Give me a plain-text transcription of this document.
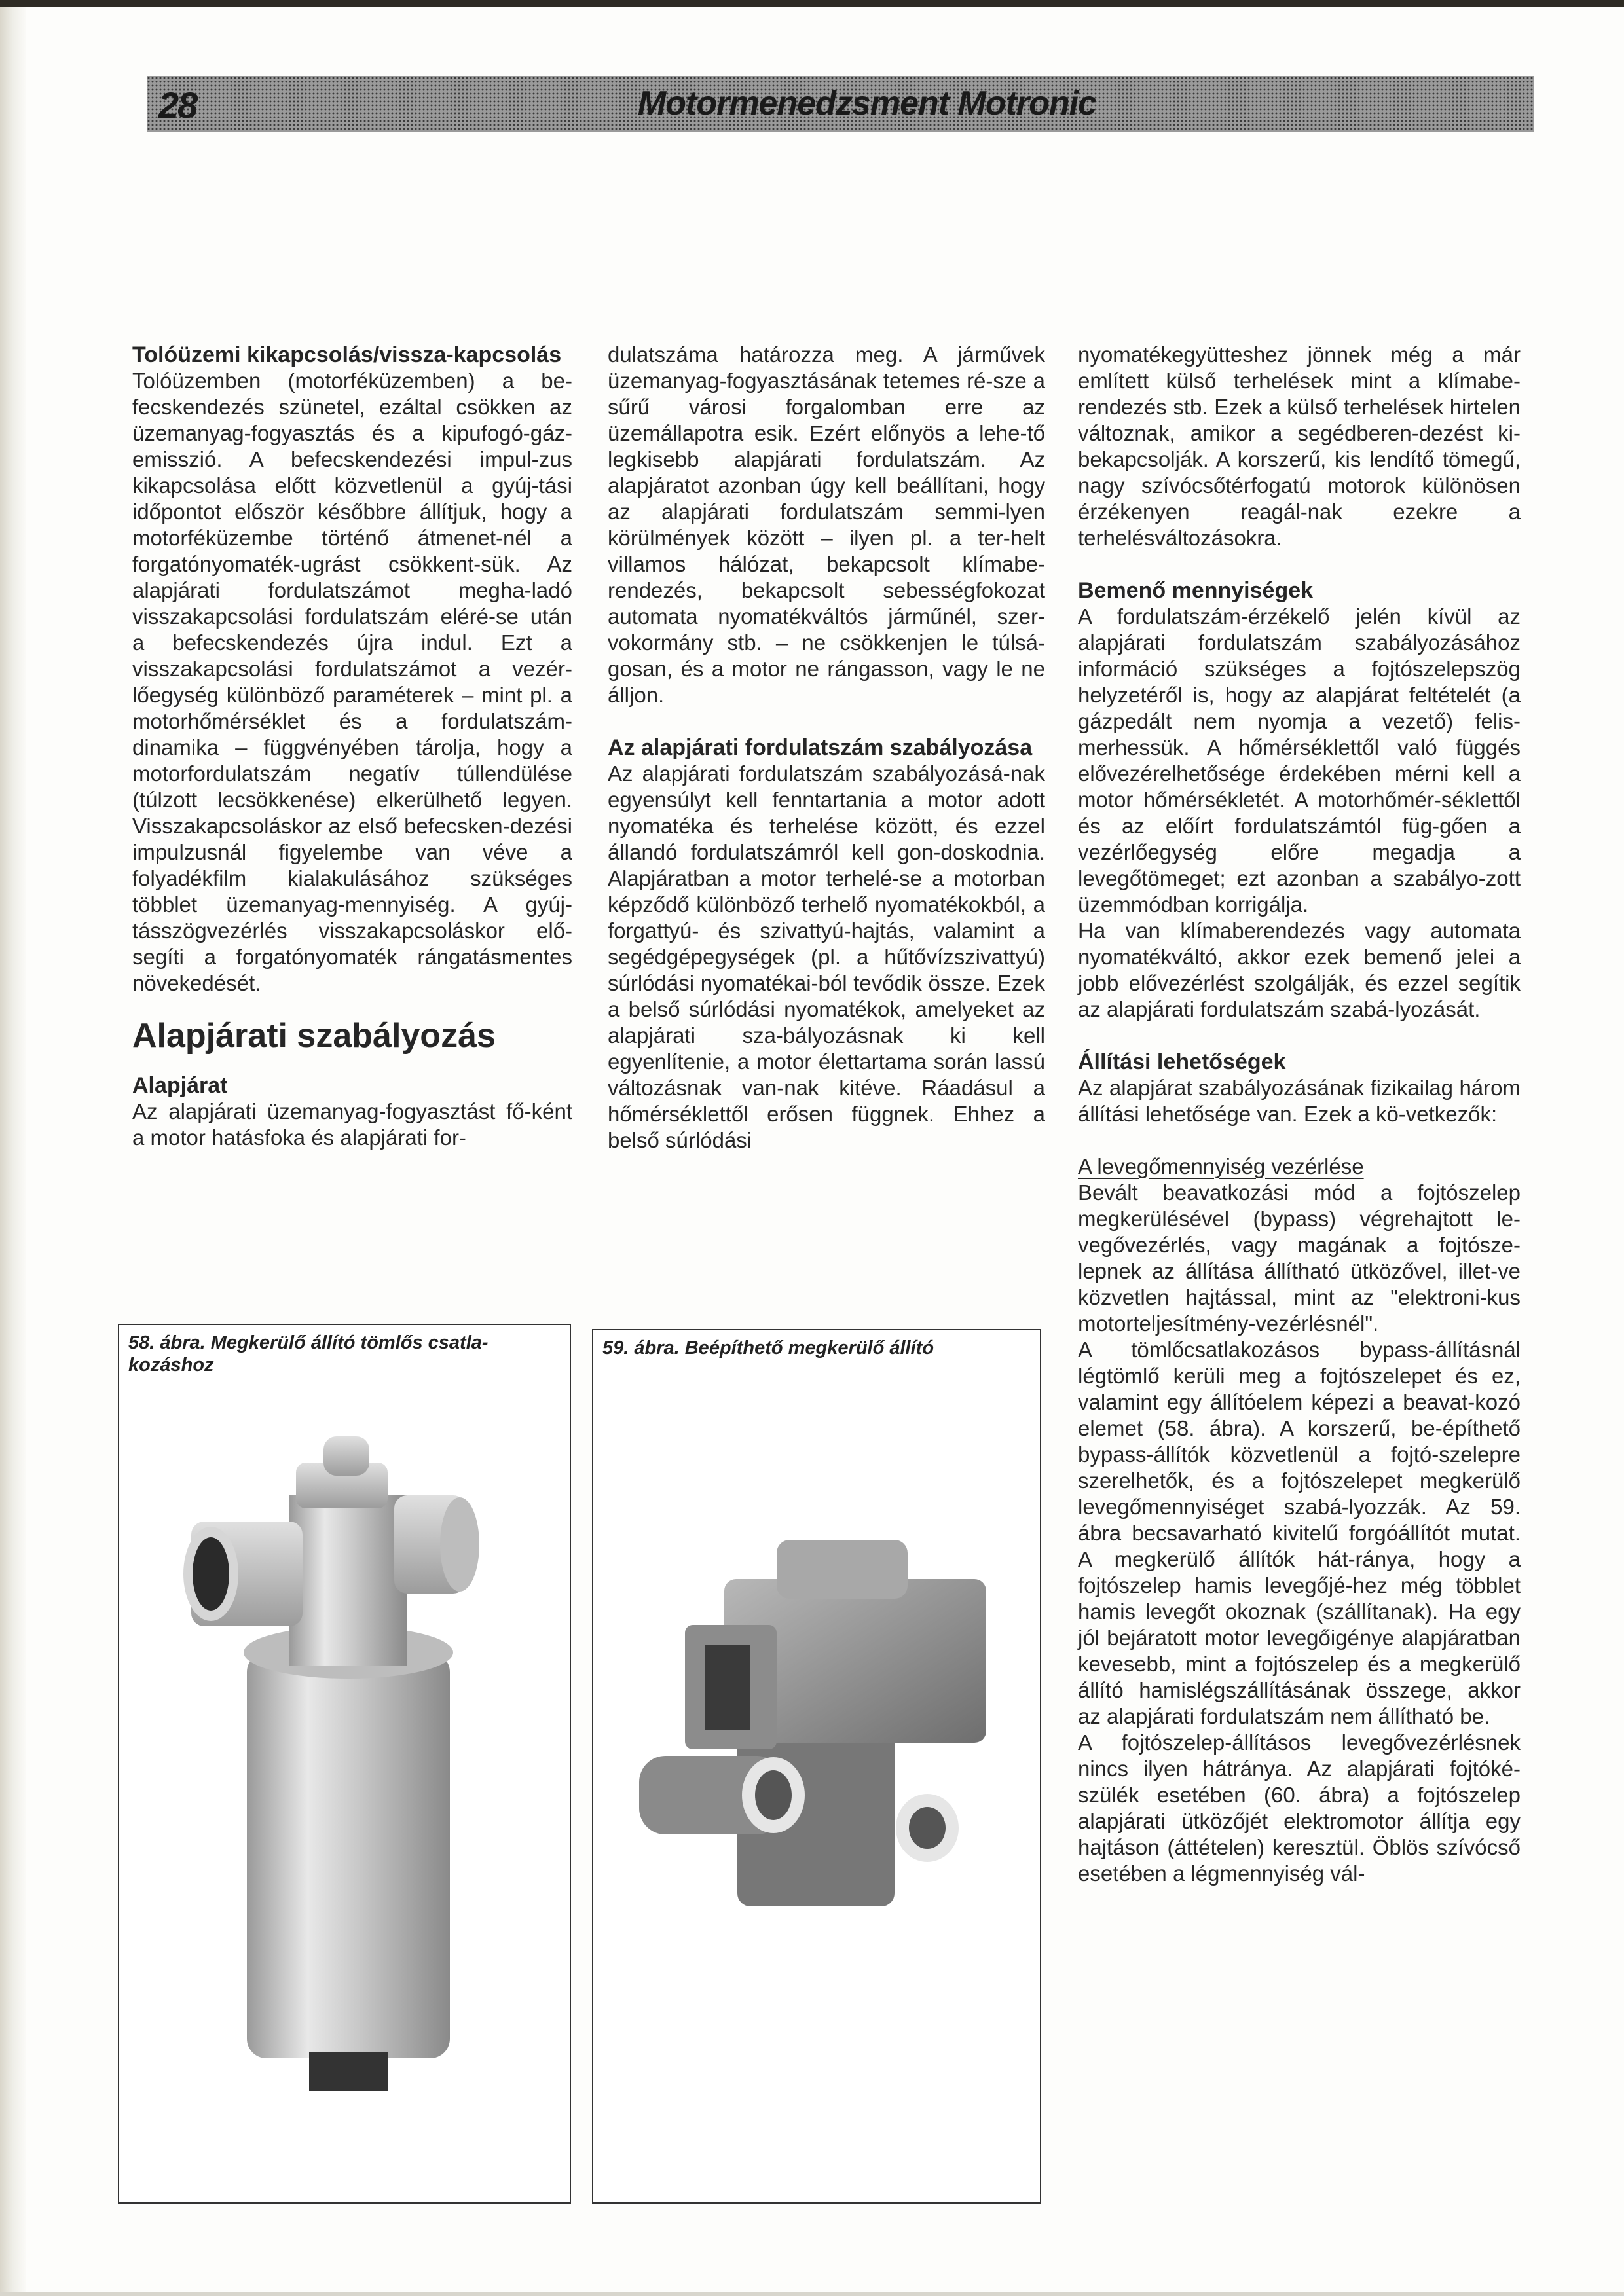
28	Motormenedzsment Motronic

Tolóüzemi kikapcsolás/vissza-kapcsolás

Tolóüzemben (motorféküzemben) a be-fecskendezés szünetel, ezáltal csökken az üzemanyag-fogyasztás és a kipufogó-gáz-emisszió. A befecskendezési impul-zus kikapcsolása előtt közvetlenül a gyúj-tási időpontot először későbbre állítjuk, hogy a motorféküzembe történő átmenet-nél a forgatónyomaték-ugrást csökkent-sük. Az alapjárati fordulatszámot megha-ladó visszakapcsolási fordulatszám eléré-se után a befecskendezés újra indul. Ezt a visszakapcsolási fordulatszámot a vezér-lőegység különböző paraméterek – mint pl. a motorhőmérséklet és a fordulatszám-dinamika – függvényében tárolja, hogy a motorfordulatszám negatív túllendülése (túlzott lecsökkenése) elkerülhető legyen. Visszakapcsoláskor az első befecsken-dezési impulzusnál figyelembe van véve a folyadékfilm kialakulásához szükséges többlet üzemanyag-mennyiség. A gyúj-tásszögvezérlés visszakapcsoláskor elő-segíti a forgatónyomaték rángatásmentes növekedését.

Alapjárati szabályozás

Alapjárat

Az alapjárati üzemanyag-fogyasztást fő-ként a motor hatásfoka és alapjárati for-

dulatszáma határozza meg. A járművek üzemanyag-fogyasztásának tetemes ré-sze a sűrű városi forgalomban erre az üzemállapotra esik. Ezért előnyös a lehe-tő legkisebb alapjárati fordulatszám. Az alapjáratot azonban úgy kell beállítani, hogy az alapjárati fordulatszám semmi-lyen körülmények között – ilyen pl. a ter-helt villamos hálózat, bekapcsolt klímabe-rendezés, bekapcsolt sebességfokozat automata nyomatékváltós járműnél, szer-vokormány stb. – ne csökkenjen le túlsá-gosan, és a motor ne rángasson, vagy le ne álljon.

Az alapjárati fordulatszám szabályozása

Az alapjárati fordulatszám szabályozásá-nak egyensúlyt kell fenntartania a motor adott nyomatéka és terhelése között, és ezzel állandó fordulatszámról kell gon-doskodnia. Alapjáratban a motor terhelé-se a motorban képződő különböző terhelő nyomatékokból, a forgattyú- és szivattyú-hajtás, valamint a segédgépegységek (pl. a hűtővízszivattyú) súrlódási nyomatékai-ból tevődik össze. Ezek a belső súrlódási nyomatékok, amelyeket az alapjárati sza-bályozásnak ki kell egyenlítenie, a motor élettartama során lassú változásnak van-nak kitéve. Ráadásul a hőmérséklettől erősen függnek. Ehhez a belső súrlódási

nyomatékegyütteshez jönnek még a már említett külső terhelések mint a klímabe-rendezés stb. Ezek a külső terhelések hirtelen változnak, amikor a segédberen-dezést ki-bekapcsolják. A korszerű, kis lendítő tömegű, nagy szívócsőtérfogatú motorok különösen érzékenyen reagál-nak ezekre a terhelésváltozásokra.

Bemenő mennyiségek

A fordulatszám-érzékelő jelén kívül az alapjárati fordulatszám szabályozásához információ szükséges a fojtószelepszög helyzetéről is, hogy az alapjárat feltételét (a gázpedált nem nyomja a vezető) felis-merhessük. A hőmérséklettől való függés elővezérelhetősége érdekében mérni kell a motor hőmérsékletét. A motorhőmér-séklettől és az előírt fordulatszámtól füg-gően a vezérlőegység előre megadja a levegőtömeget; ezt azonban a szabályo-zott üzemmódban korrigálja.

Ha van klímaberendezés vagy automata nyomatékváltó, akkor ezek bemenő jelei a jobb elővezérlést szolgálják, és ezzel segítik az alapjárati fordulatszám szabá-lyozását.

Állítási lehetőségek

Az alapjárat szabályozásának fizikailag három állítási lehetősége van. Ezek a kö-vetkezők:

A levegőmennyiség vezérlése

Bevált beavatkozási mód a fojtószelep megkerülésével (bypass) végrehajtott le-vegővezérlés, vagy magának a fojtósze-lepnek az állítása állítható ütközővel, illet-ve közvetlen hajtással, mint az "elektroni-kus motorteljesítmény-vezérlésnél".

A tömlőcsatlakozásos bypass-állításnál légtömlő kerüli meg a fojtószelepet és ez, valamint egy állítóelem képezi a beavat-kozó elemet (58. ábra). A korszerű, be-építhető bypass-állítók közvetlenül a fojtó-szelepre szerelhetők, és a fojtószelepet megkerülő levegőmennyiséget szabá-lyozzák. Az 59. ábra becsavarható kivitelű forgóállítót mutat. A megkerülő állítók hát-ránya, hogy a fojtószelep hamis levegőjé-hez még többlet hamis levegőt okoznak (szállítanak). Ha egy jól bejáratott motor levegőigénye alapjáratban kevesebb, mint a fojtószelep és a megkerülő állító hamislégszállításának összege, akkor az alapjárati fordulatszám nem állítható be.

A fojtószelep-állításos levegővezérlésnek nincs ilyen hátránya. Az alapjárati fojtóké-szülék esetében (60. ábra) a fojtószelep alapjárati ütközőjét elektromotor állítja egy hajtáson (áttételen) keresztül. Öblös szívócső esetében a légmennyiség vál-

58. ábra. Megkerülő állító tömlős csatla-kozáshoz
59. ábra. Beépíthető megkerülő állító
